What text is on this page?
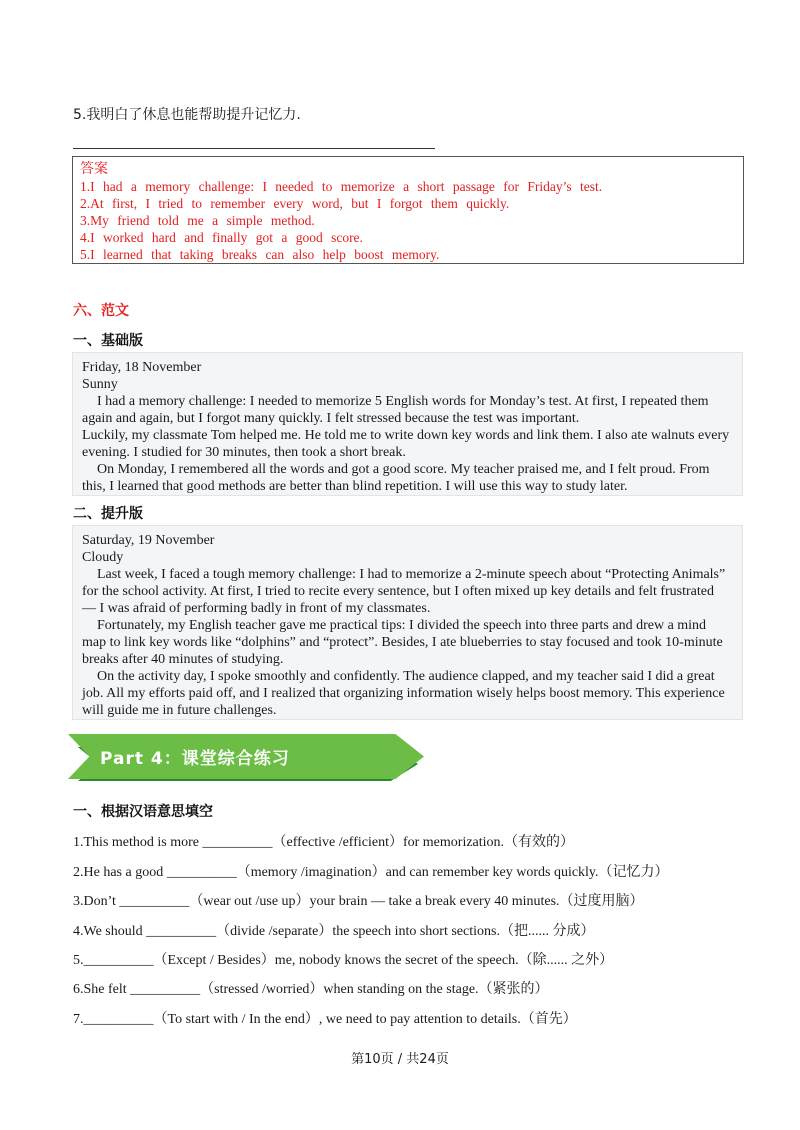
5.我明白了休息也能帮助提升记忆力.
答案
1.I had a memory challenge: I needed to memorize a short passage for Friday’s test.
2.At first, I tried to remember every word, but I forgot them quickly.
3.My friend told me a simple method.
4.I worked hard and finally got a good score.
5.I learned that taking breaks can also help boost memory.
六、范文
一、基础版

Friday, 18 November

Sunny

I had a memory challenge: I needed to memorize 5 English words for Monday’s test. At first, I repeated them again and again, but I forgot many quickly. I felt stressed because the test was important.

Luckily, my classmate Tom helped me. He told me to write down key words and link them. I also ate walnuts every evening. I studied for 30 minutes, then took a short break.

On Monday, I remembered all the words and got a good score. My teacher praised me, and I felt proud. From this, I learned that good methods are better than blind repetition. I will use this way to study later.

二、提升版

Saturday, 19 November

Cloudy

Last week, I faced a tough memory challenge: I had to memorize a 2-minute speech about “Protecting Animals” for the school activity. At first, I tried to recite every sentence, but I often mixed up key details and felt frustrated — I was afraid of performing badly in front of my classmates.

Fortunately, my English teacher gave me practical tips: I divided the speech into three parts and drew a mind map to link key words like “dolphins” and “protect”. Besides, I ate blueberries to stay focused and took 10-minute breaks after 40 minutes of studying.

On the activity day, I spoke smoothly and confidently. The audience clapped, and my teacher said I did a great job. All my efforts paid off, and I realized that organizing information wisely helps boost memory. This experience will guide me in future challenges.

Part 4：课堂综合练习
一、根据汉语意思填空
1.This method is more __________（effective /efficient）for memorization.（有效的）
2.He has a good __________（memory /imagination）and can remember key words quickly.（记忆力）
3.Don’t __________（wear out /use up）your brain — take a break every 40 minutes.（过度用脑）
4.We should __________（divide /separate）the speech into short sections.（把...... 分成）
5.__________（Except / Besides）me, nobody knows the secret of the speech.（除...... 之外）
6.She felt __________（stressed /worried）when standing on the stage.（紧张的）
7.__________（To start with / In the end）, we need to pay attention to details.（首先）
第10页 / 共24页
